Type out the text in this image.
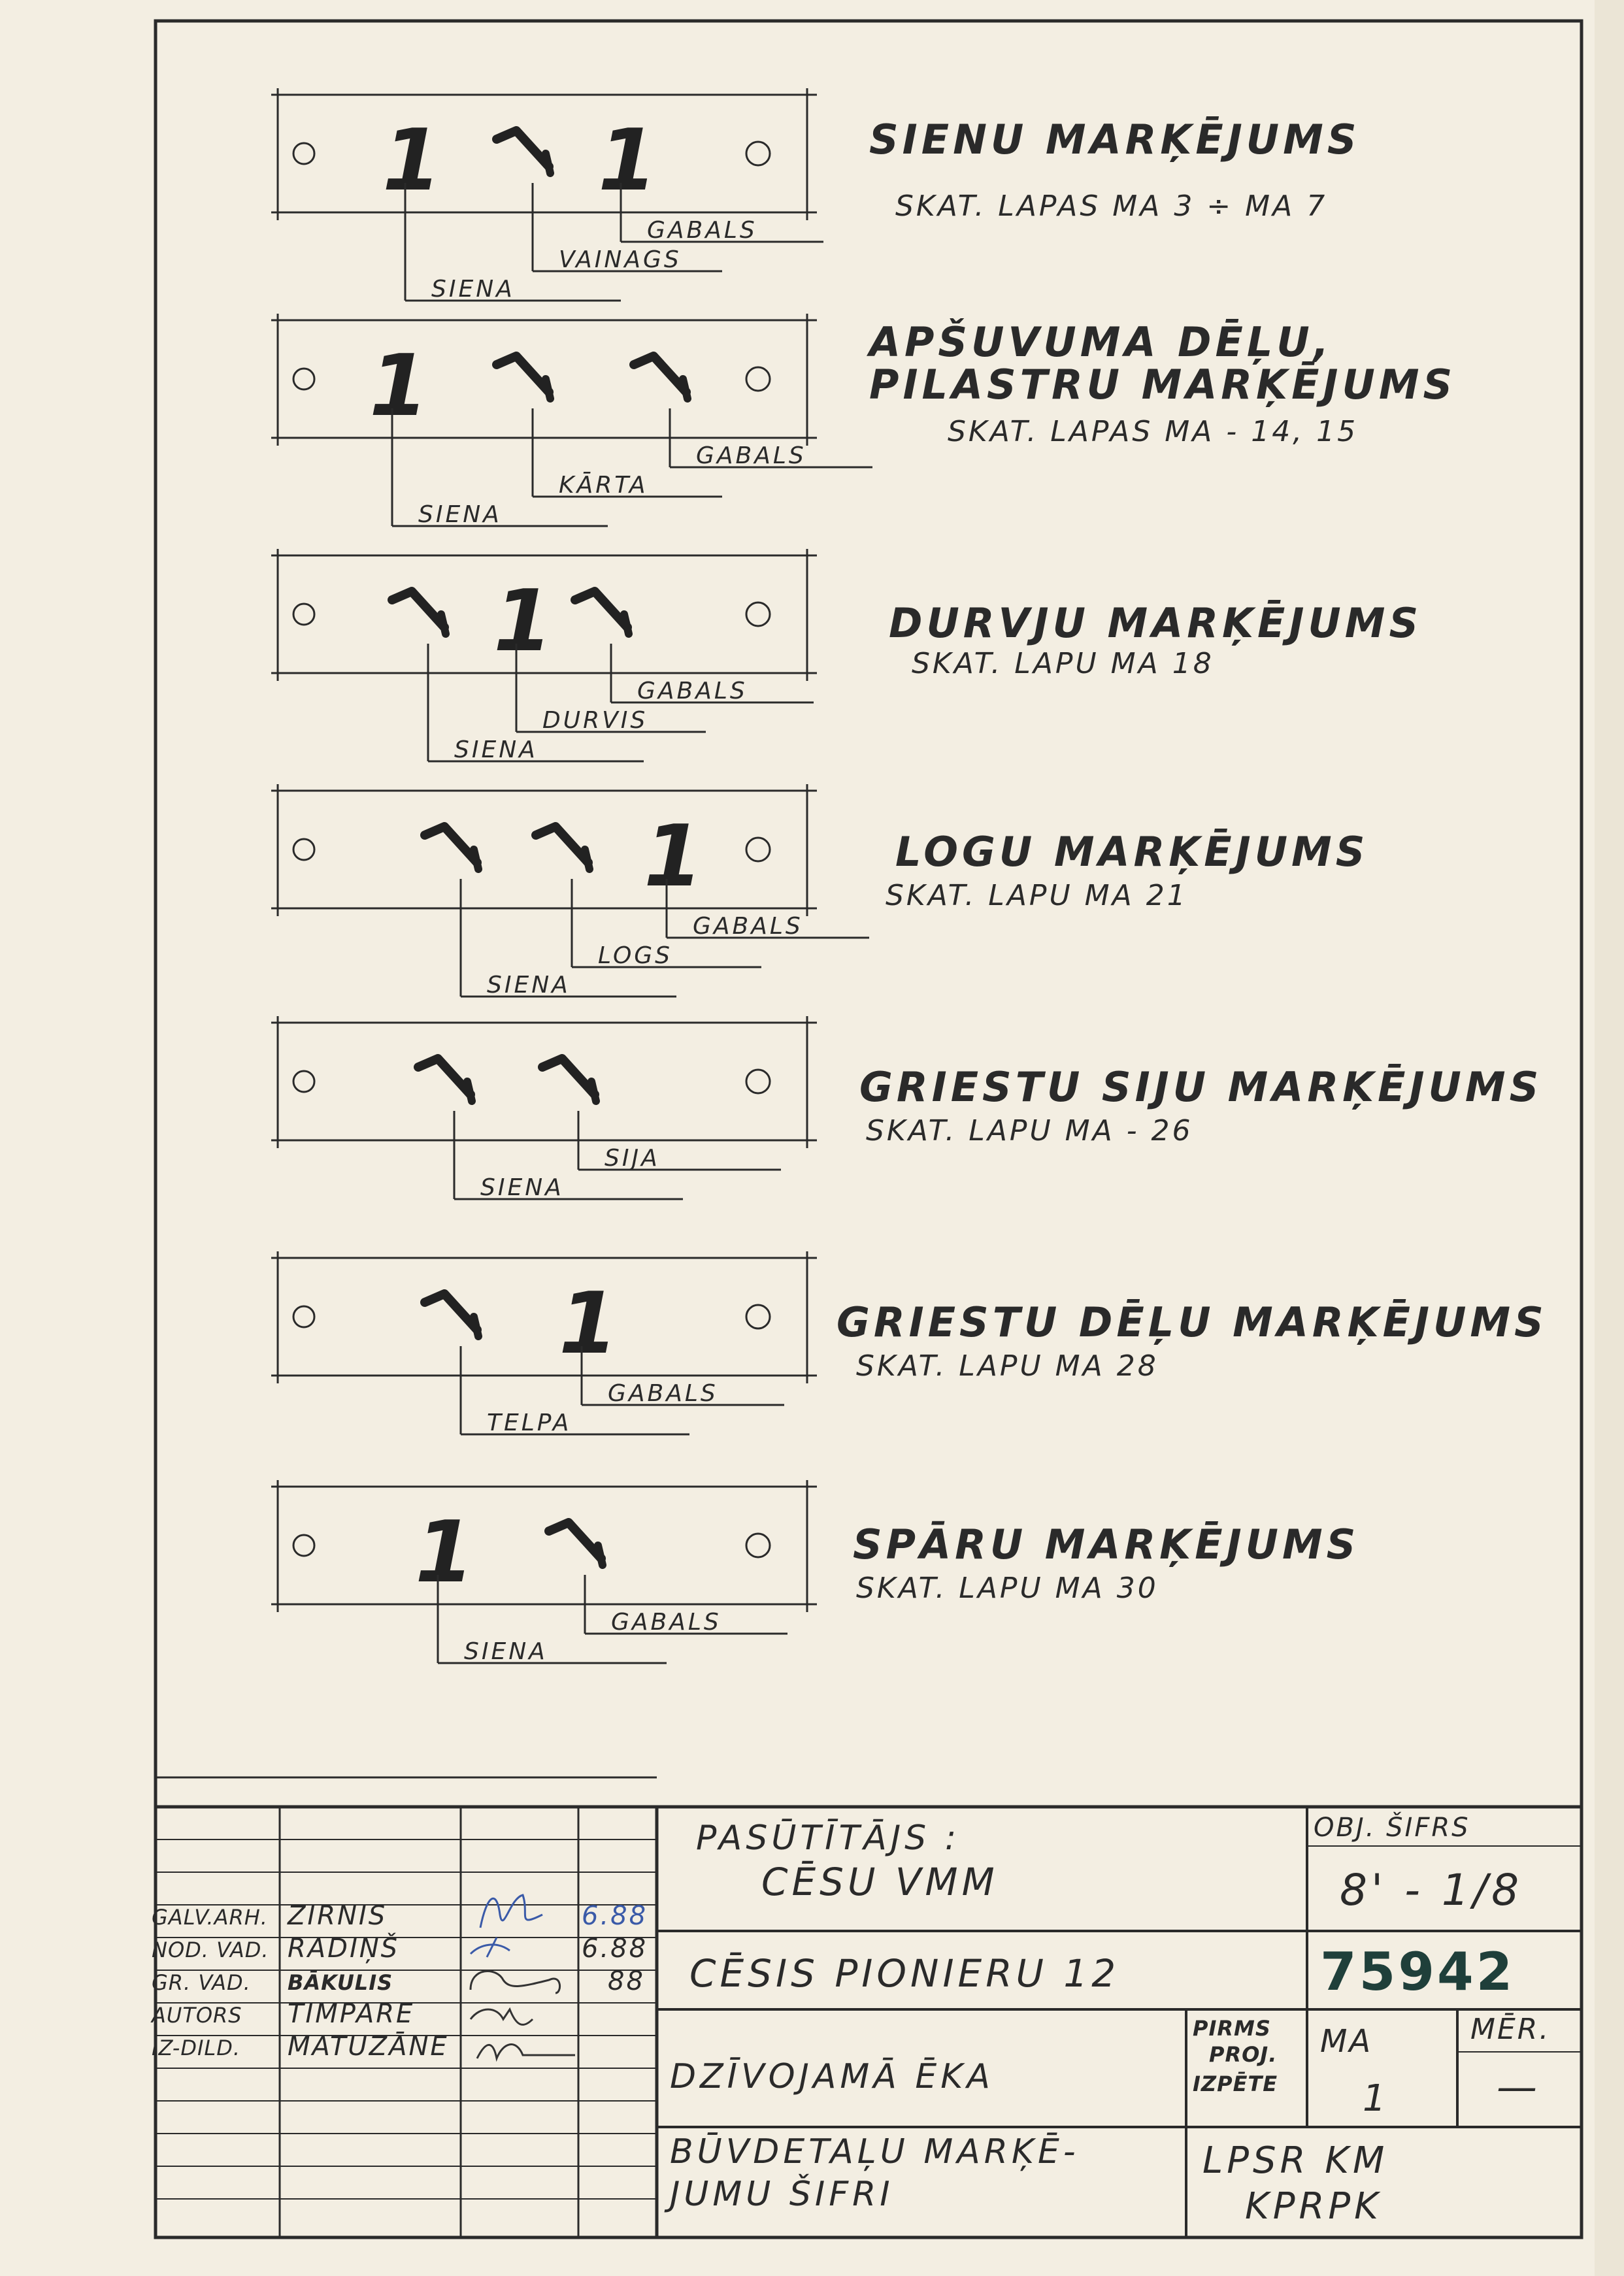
1 1
GABALS
VAINAGS
SIENA
SIENU MARĶĒJUMS
SKAT. LAPAS MA 3 ÷ MA 7
1
GABALS
KĀRTA
SIENA
APŠUVUMA DĒĻU,
PILASTRU MARĶĒJUMS
SKAT. LAPAS MA - 14, 15
1
GABALS
DURVIS
SIENA
DURVJU MARĶĒJUMS
SKAT. LAPU MA 18
1
GABALS
LOGS
SIENA
LOGU MARĶĒJUMS
SKAT. LAPU MA 21
SIJA
SIENA
GRIESTU SIJU MARĶĒJUMS
SKAT. LAPU MA - 26
1
GABALS
TELPA
GRIESTU DĒĻU MARĶĒJUMS
SKAT. LAPU MA 28
1
GABALS
SIENA
SPĀRU MARĶĒJUMS
SKAT. LAPU MA 30
GALV.ARH.
NOD. VAD.
GR. VAD.
AUTORS
IZ-DILD.
ZIRNIS
RADIŅŠ
BĀKULIS
TIMPARE
MATUZĀNE
6.88
6.88
88
PASŪTĪTĀJS :
CĒSU VMM
CĒSIS PIONIERU 12
DZĪVOJAMĀ ĒKA
BŪVDETAĻU MARĶĒ-
JUMU ŠIFRI
PIRMS
PROJ.
IZPĒTE
LPSR KM
KPRPK
OBJ. ŠIFRS
8' - 1/8
75942
MA
1
MĒR.
—
